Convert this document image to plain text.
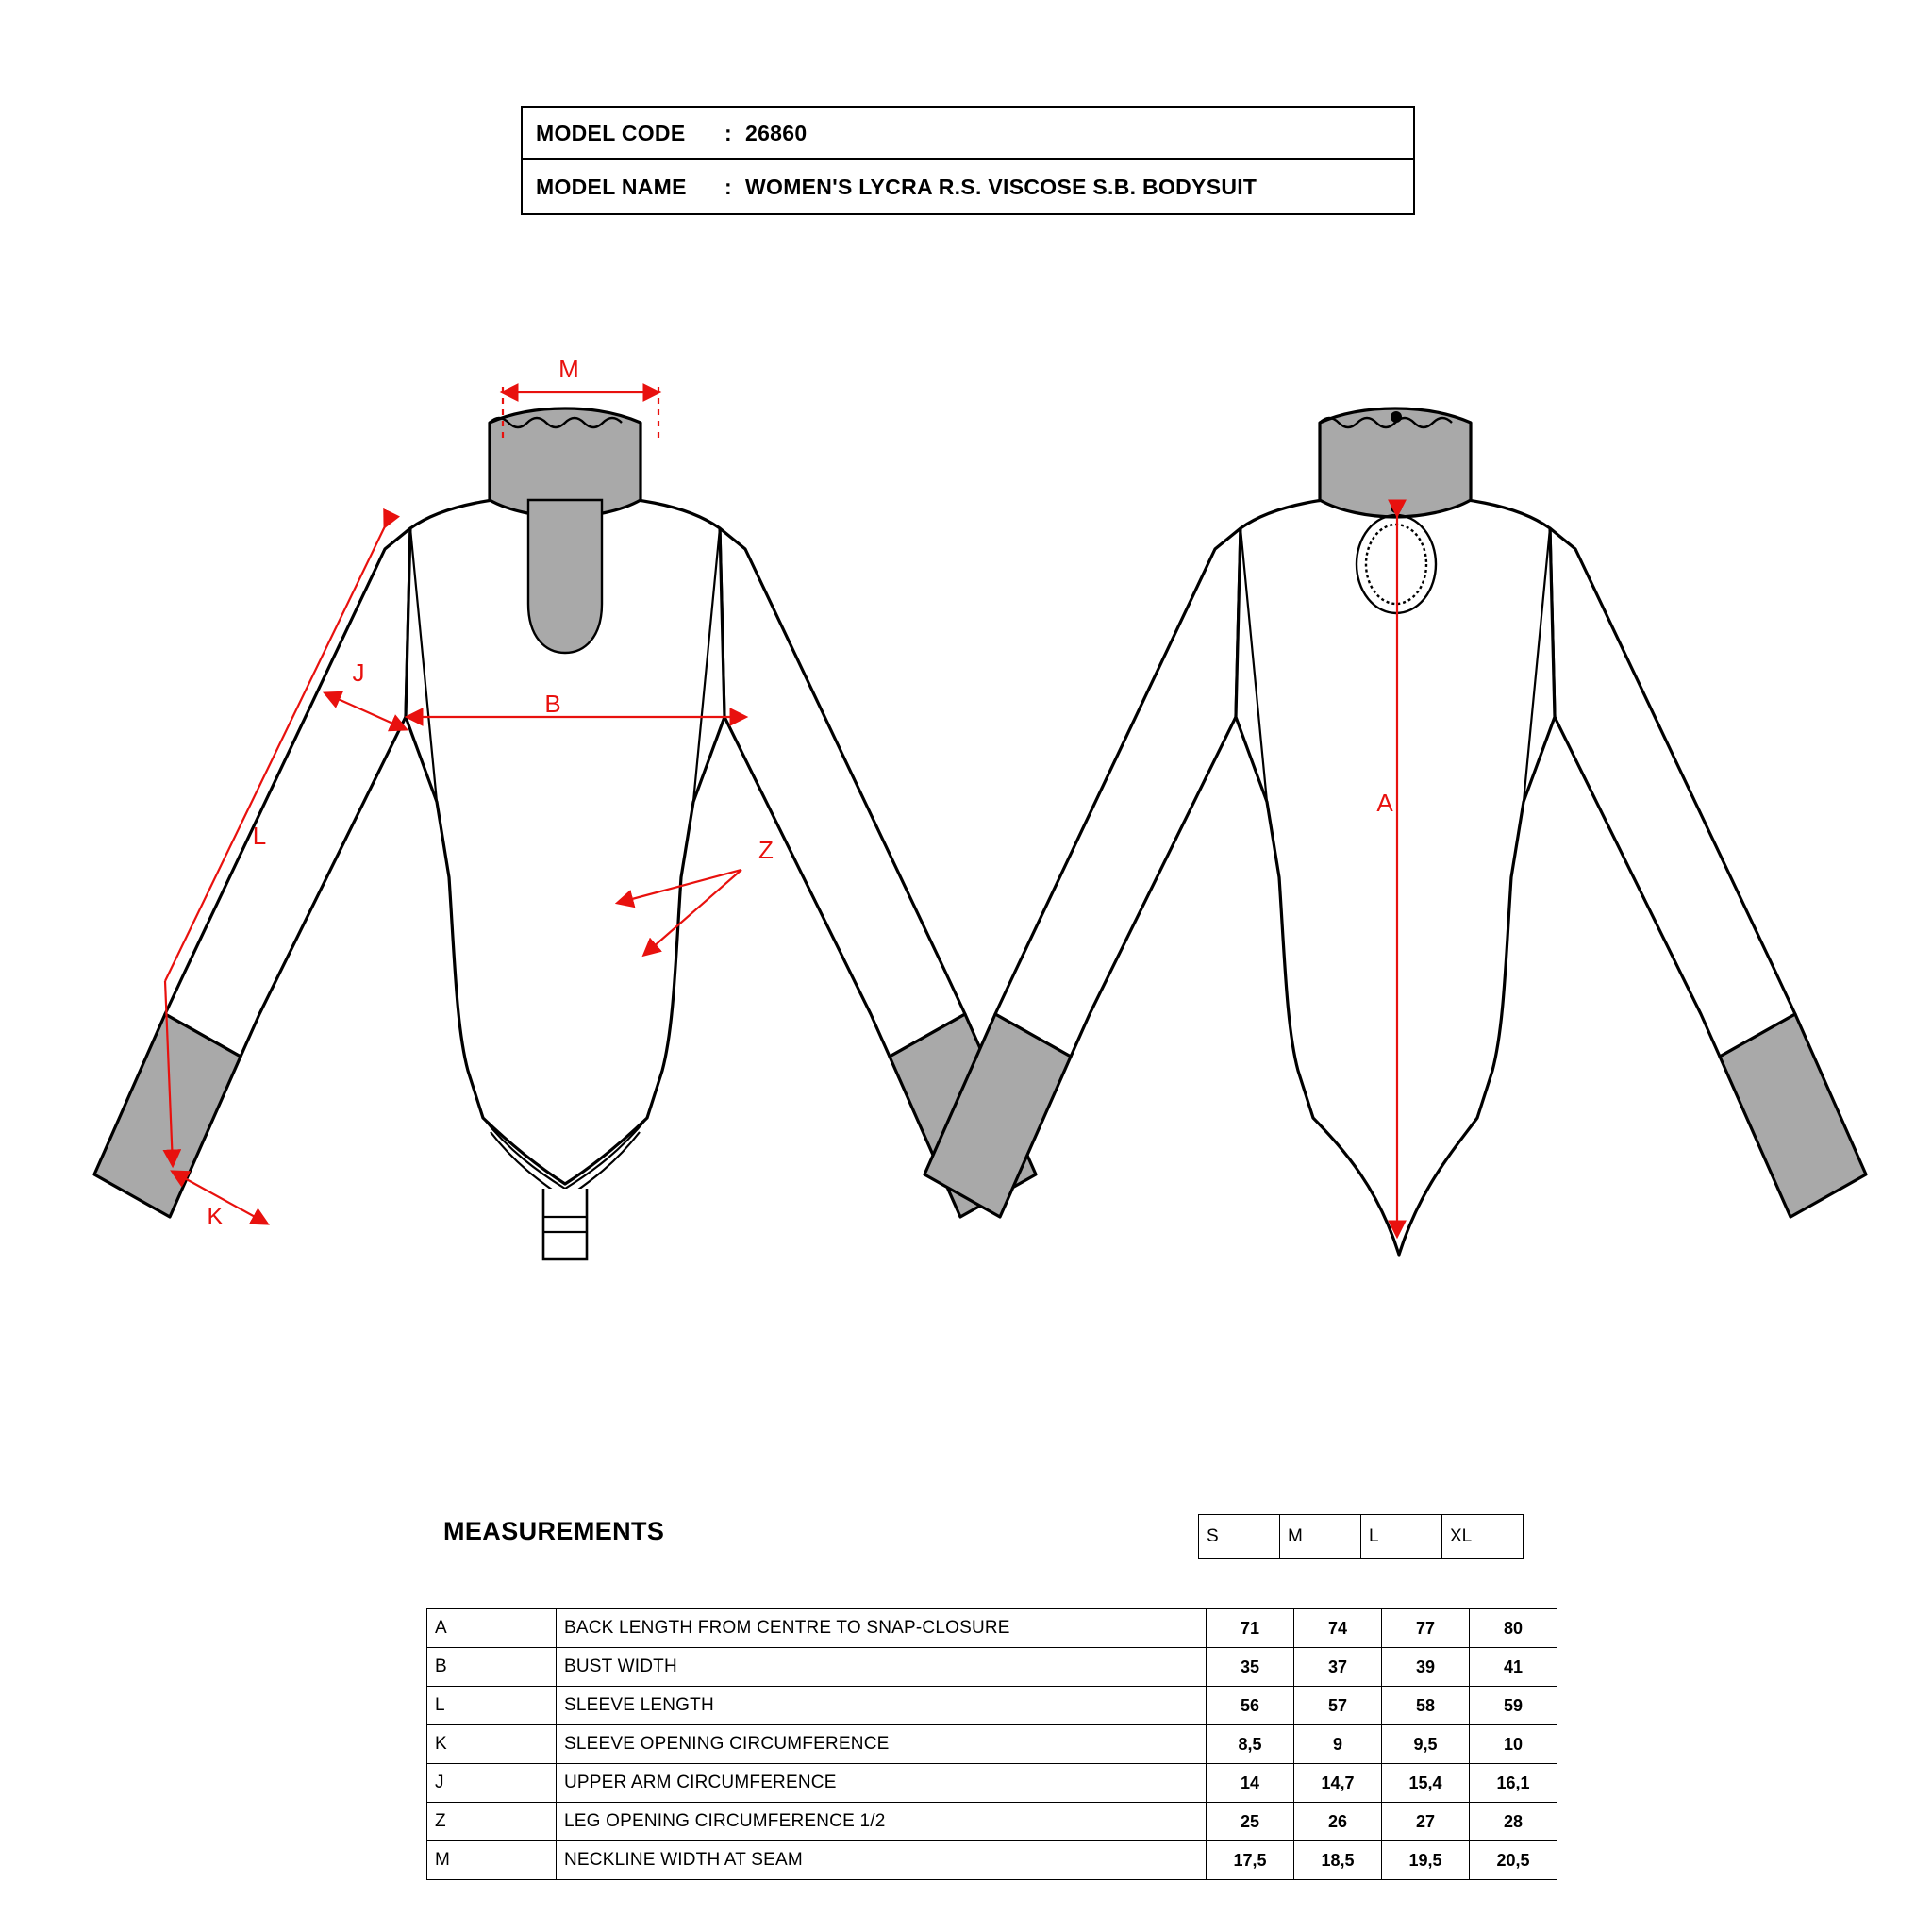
MODEL CODE	: 26860
MODEL NAME	: WOMEN'S LYCRA R.S. VISCOSE S.B. BODYSUIT
M
B
J
L
K
Z
A
MEASUREMENTS	S	M	L	XL
A	BACK LENGTH FROM CENTRE TO SNAP-CLOSURE	71	74	77	80
B	BUST WIDTH	35	37	39	41
L	SLEEVE LENGTH	56	57	58	59
K	SLEEVE OPENING CIRCUMFERENCE	8,5	9	9,5	10
J	UPPER ARM CIRCUMFERENCE	14	14,7	15,4	16,1
Z	LEG OPENING CIRCUMFERENCE 1/2	25	26	27	28
M	NECKLINE WIDTH AT SEAM	17,5	18,5	19,5	20,5
